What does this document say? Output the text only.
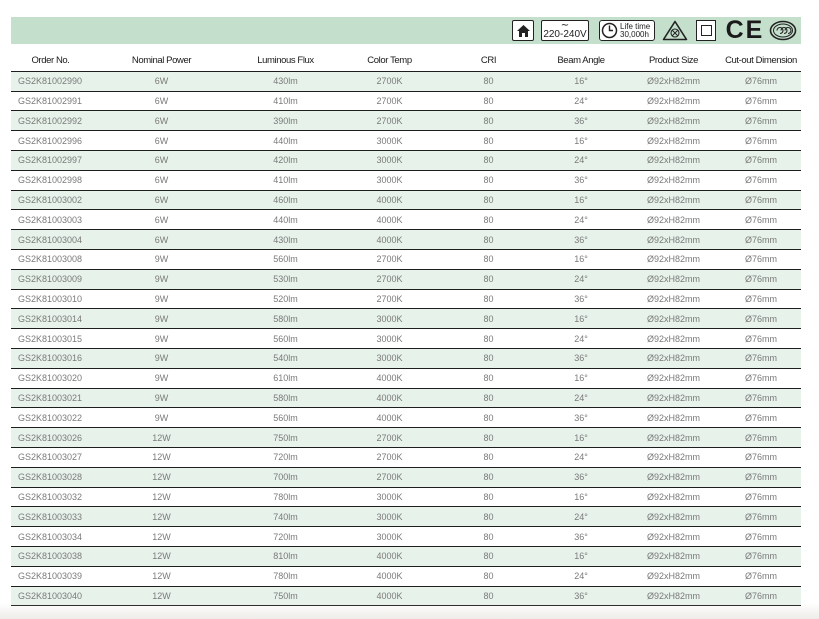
∼
220-240V
Life time
30,000h	CE
Order No.	Nominal Power	Luminous Flux	Color Temp	CRI	Beam Angle	Product Size	Cut-out Dimension
GS2K81002990	6W	430lm	2700K	80	16°	Ø92xH82mm	Ø76mm
GS2K81002991	6W	410lm	2700K	80	24°	Ø92xH82mm	Ø76mm
GS2K81002992	6W	390lm	2700K	80	36°	Ø92xH82mm	Ø76mm
GS2K81002996	6W	440lm	3000K	80	16°	Ø92xH82mm	Ø76mm
GS2K81002997	6W	420lm	3000K	80	24°	Ø92xH82mm	Ø76mm
GS2K81002998	6W	410lm	3000K	80	36°	Ø92xH82mm	Ø76mm
GS2K81003002	6W	460lm	4000K	80	16°	Ø92xH82mm	Ø76mm
GS2K81003003	6W	440lm	4000K	80	24°	Ø92xH82mm	Ø76mm
GS2K81003004	6W	430lm	4000K	80	36°	Ø92xH82mm	Ø76mm
GS2K81003008	9W	560lm	2700K	80	16°	Ø92xH82mm	Ø76mm
GS2K81003009	9W	530lm	2700K	80	24°	Ø92xH82mm	Ø76mm
GS2K81003010	9W	520lm	2700K	80	36°	Ø92xH82mm	Ø76mm
GS2K81003014	9W	580lm	3000K	80	16°	Ø92xH82mm	Ø76mm
GS2K81003015	9W	560lm	3000K	80	24°	Ø92xH82mm	Ø76mm
GS2K81003016	9W	540lm	3000K	80	36°	Ø92xH82mm	Ø76mm
GS2K81003020	9W	610lm	4000K	80	16°	Ø92xH82mm	Ø76mm
GS2K81003021	9W	580lm	4000K	80	24°	Ø92xH82mm	Ø76mm
GS2K81003022	9W	560lm	4000K	80	36°	Ø92xH82mm	Ø76mm
GS2K81003026	12W	750lm	2700K	80	16°	Ø92xH82mm	Ø76mm
GS2K81003027	12W	720lm	2700K	80	24°	Ø92xH82mm	Ø76mm
GS2K81003028	12W	700lm	2700K	80	36°	Ø92xH82mm	Ø76mm
GS2K81003032	12W	780lm	3000K	80	16°	Ø92xH82mm	Ø76mm
GS2K81003033	12W	740lm	3000K	80	24°	Ø92xH82mm	Ø76mm
GS2K81003034	12W	720lm	3000K	80	36°	Ø92xH82mm	Ø76mm
GS2K81003038	12W	810lm	4000K	80	16°	Ø92xH82mm	Ø76mm
GS2K81003039	12W	780lm	4000K	80	24°	Ø92xH82mm	Ø76mm
GS2K81003040	12W	750lm	4000K	80	36°	Ø92xH82mm	Ø76mm
